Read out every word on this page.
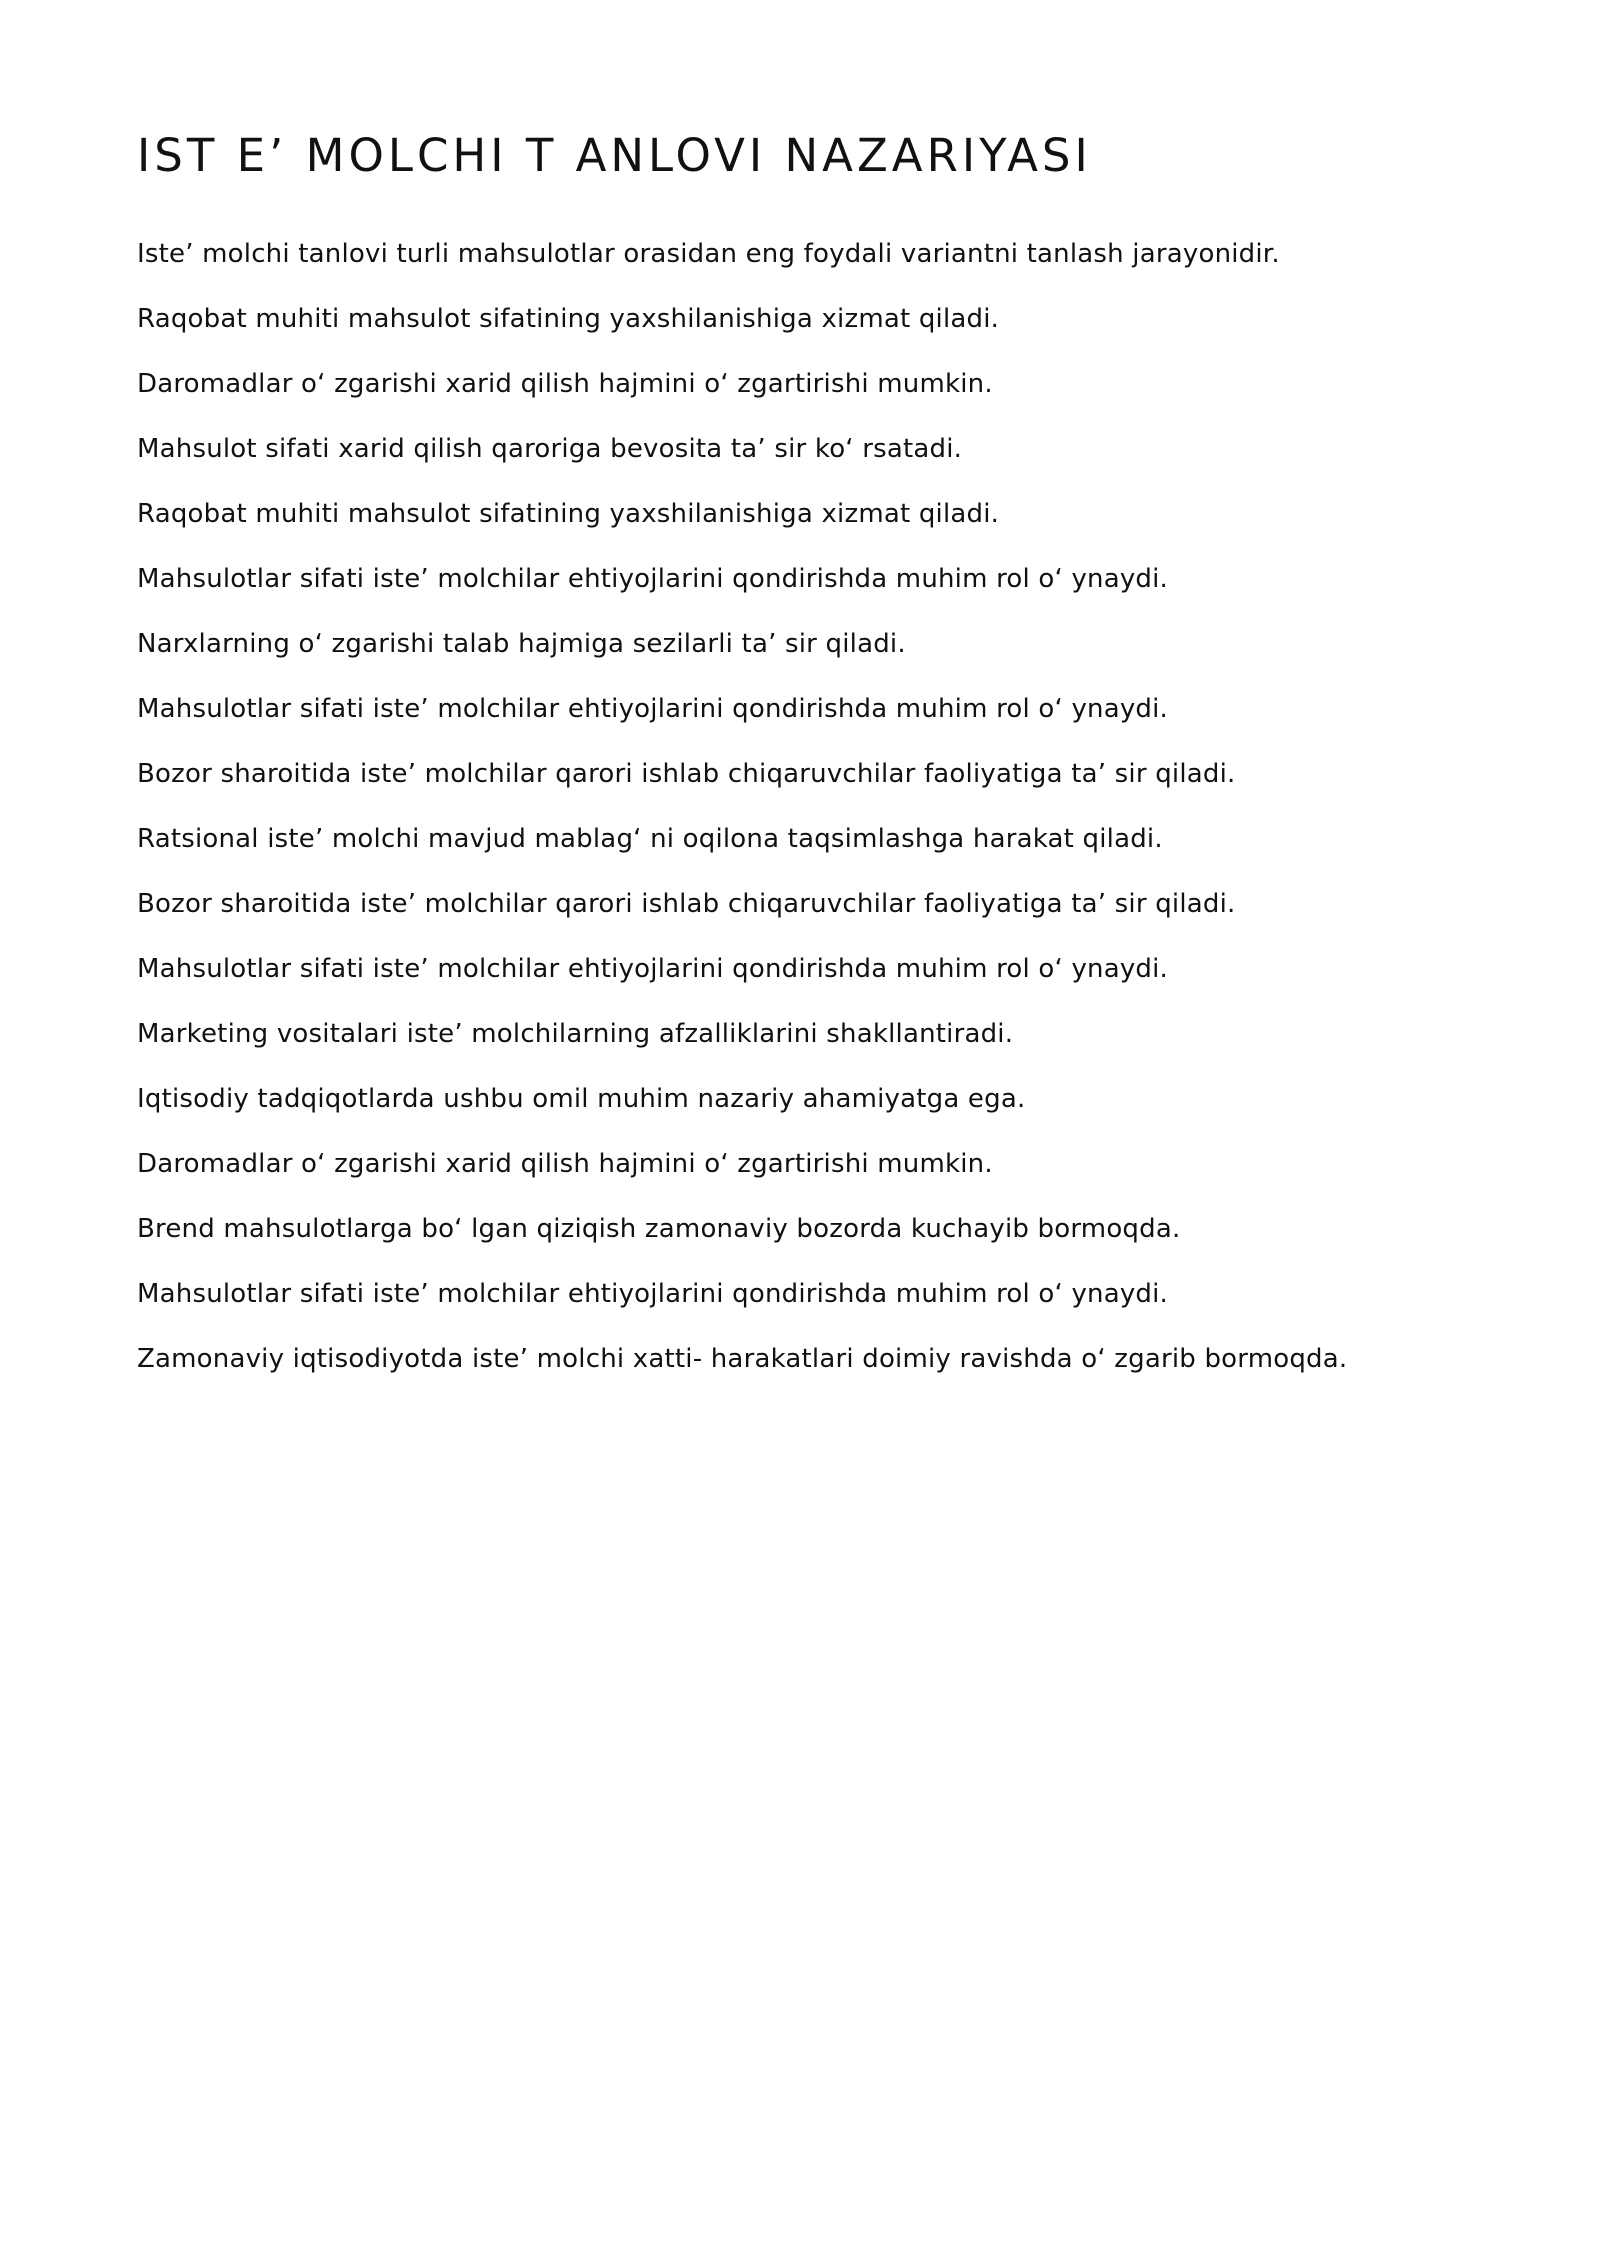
IST E’ MOLCHI T ANLOVI NAZARIYASI
Iste’ molchi tanlovi turli mahsulotlar orasidan eng foydali variantni tanlash jarayonidir.
Raqobat muhiti mahsulot sifatining yaxshilanishiga xizmat qiladi.
Daromadlar o‘ zgarishi xarid qilish hajmini o‘ zgartirishi mumkin.
Mahsulot sifati xarid qilish qaroriga bevosita ta’ sir ko‘ rsatadi.
Raqobat muhiti mahsulot sifatining yaxshilanishiga xizmat qiladi.
Mahsulotlar sifati iste’ molchilar ehtiyojlarini qondirishda muhim rol o‘ ynaydi.
Narxlarning o‘ zgarishi talab hajmiga sezilarli ta’ sir qiladi.
Mahsulotlar sifati iste’ molchilar ehtiyojlarini qondirishda muhim rol o‘ ynaydi.
Bozor sharoitida iste’ molchilar qarori ishlab chiqaruvchilar faoliyatiga ta’ sir qiladi.
Ratsional iste’ molchi mavjud mablag‘ ni oqilona taqsimlashga harakat qiladi.
Bozor sharoitida iste’ molchilar qarori ishlab chiqaruvchilar faoliyatiga ta’ sir qiladi.
Mahsulotlar sifati iste’ molchilar ehtiyojlarini qondirishda muhim rol o‘ ynaydi.
Marketing vositalari iste’ molchilarning afzalliklarini shakllantiradi.
Iqtisodiy tadqiqotlarda ushbu omil muhim nazariy ahamiyatga ega.
Daromadlar o‘ zgarishi xarid qilish hajmini o‘ zgartirishi mumkin.
Brend mahsulotlarga bo‘ lgan qiziqish zamonaviy bozorda kuchayib bormoqda.
Mahsulotlar sifati iste’ molchilar ehtiyojlarini qondirishda muhim rol o‘ ynaydi.
Zamonaviy iqtisodiyotda iste’ molchi xatti- harakatlari doimiy ravishda o‘ zgarib bormoqda.
